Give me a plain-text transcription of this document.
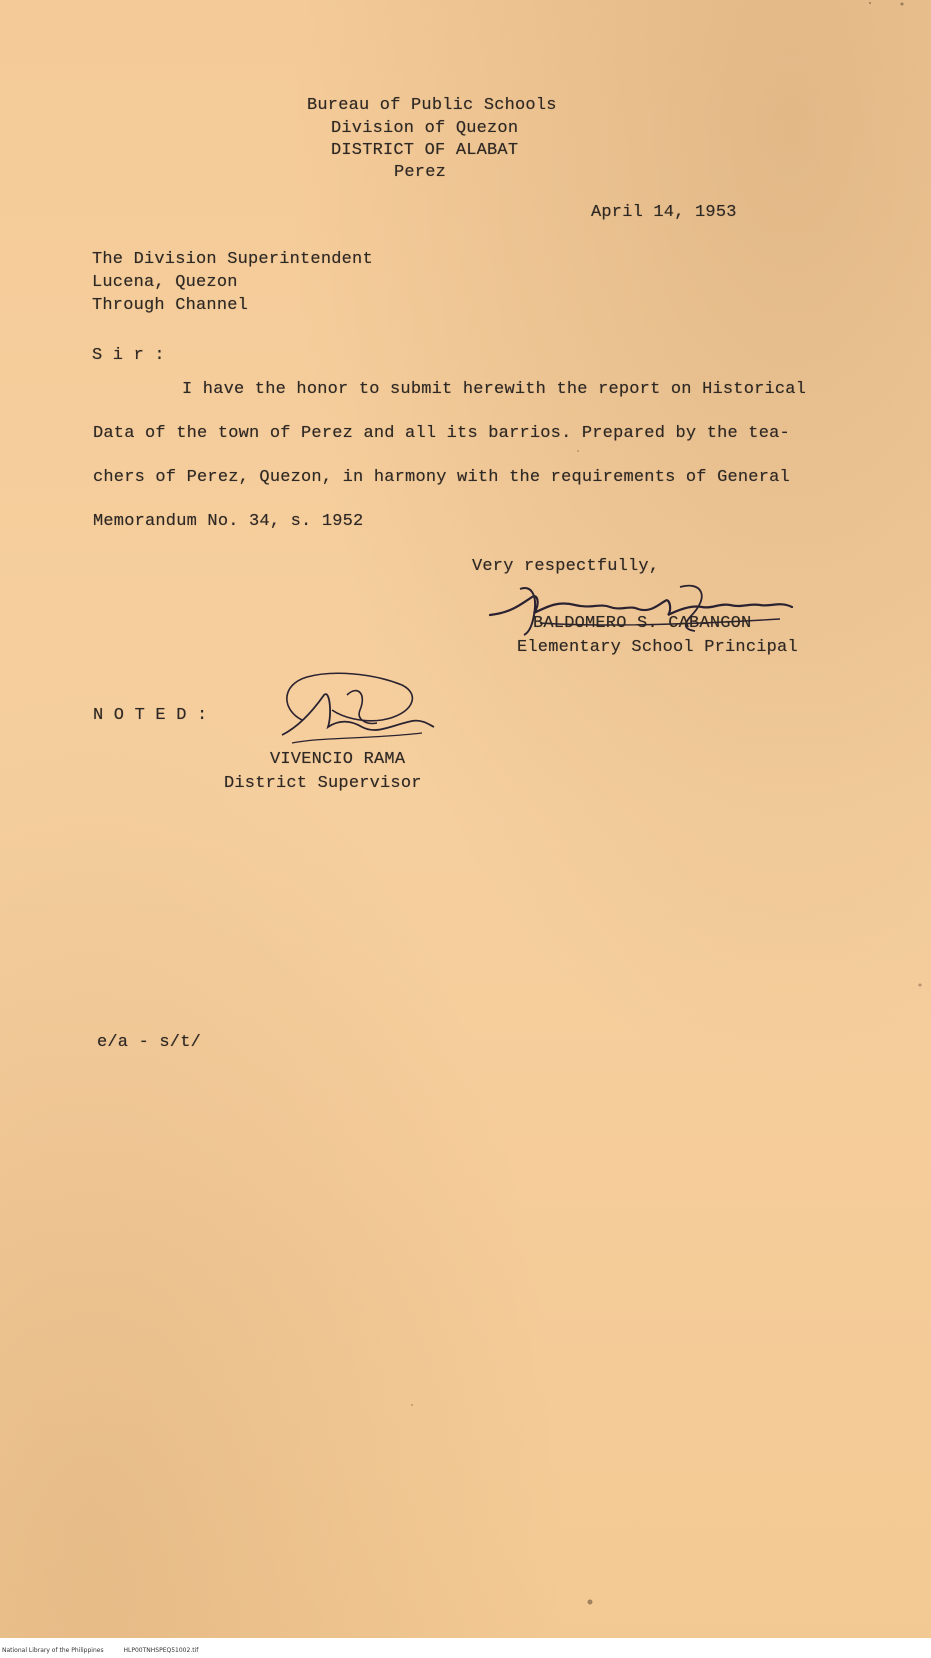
Bureau of Public Schools
Division of Quezon
DISTRICT OF ALABAT
Perez
April 14, 1953
The Division Superintendent
Lucena, Quezon
Through Channel
S i r :
I have the honor to submit herewith the report on Historical
Data of the town of Perez and all its barrios. Prepared by the tea-
chers of Perez, Quezon, in harmony with the requirements of General
Memorandum No. 34, s. 1952
Very respectfully,
BALDOMERO S. CABANGON
Elementary School Principal
N O T E D :
VIVENCIO RAMA
District Supervisor
e/a - s/t/
National Library of the Philippines	HLP00TNHSPEQ51002.tif
